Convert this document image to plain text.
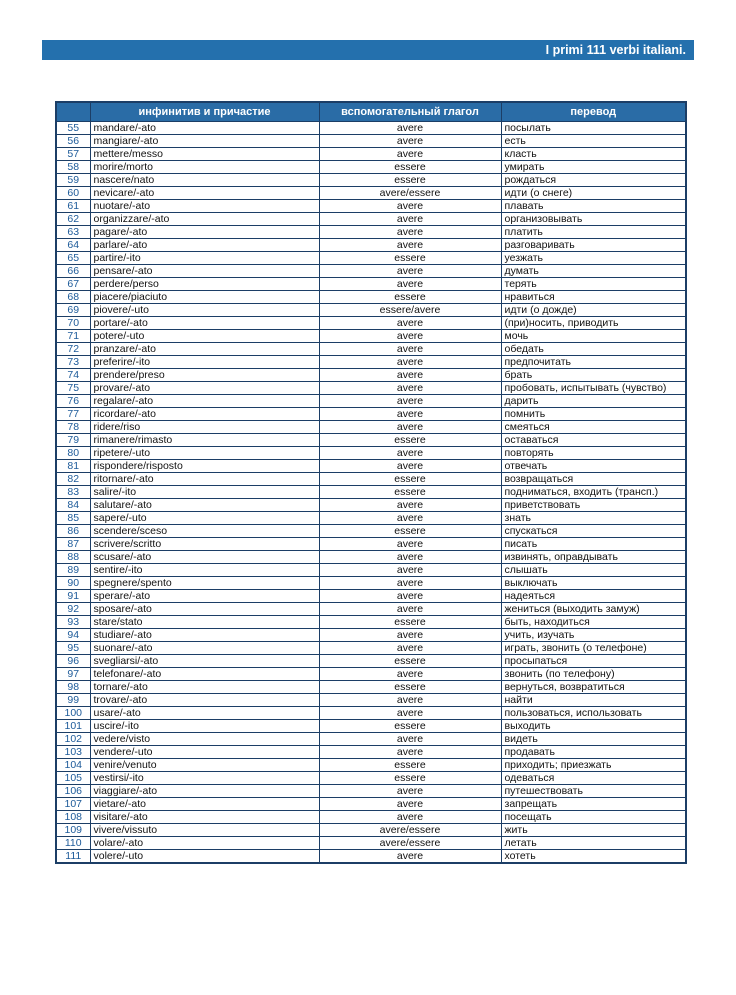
I primi 111 verbi italiani.
	инфинитив и причастие	вспомогательный глагол	перевод
55	mandare/-ato	avere	посылать
56	mangiare/-ato	avere	есть
57	mettere/messo	avere	класть
58	morire/morto	essere	умирать
59	nascere/nato	essere	рождаться
60	nevicare/-ato	avere/essere	идти (о снеге)
61	nuotare/-ato	avere	плавать
62	organizzare/-ato	avere	организовывать
63	pagare/-ato	avere	платить
64	parlare/-ato	avere	разговаривать
65	partire/-ito	essere	уезжать
66	pensare/-ato	avere	думать
67	perdere/perso	avere	терять
68	piacere/piaciuto	essere	нравиться
69	piovere/-uto	essere/avere	идти (о дожде)
70	portare/-ato	avere	(при)носить, приводить
71	potere/-uto	avere	мочь
72	pranzare/-ato	avere	обедать
73	preferire/-ito	avere	предпочитать
74	prendere/preso	avere	брать
75	provare/-ato	avere	пробовать, испытывать (чувство)
76	regalare/-ato	avere	дарить
77	ricordare/-ato	avere	помнить
78	ridere/riso	avere	смеяться
79	rimanere/rimasto	essere	оставаться
80	ripetere/-uto	avere	повторять
81	rispondere/risposto	avere	отвечать
82	ritornare/-ato	essere	возвращаться
83	salire/-ito	essere	подниматься, входить (трансп.)
84	salutare/-ato	avere	приветствовать
85	sapere/-uto	avere	знать
86	scendere/sceso	essere	спускаться
87	scrivere/scritto	avere	писать
88	scusare/-ato	avere	извинять, оправдывать
89	sentire/-ito	avere	слышать
90	spegnere/spento	avere	выключать
91	sperare/-ato	avere	надеяться
92	sposare/-ato	avere	жениться (выходить замуж)
93	stare/stato	essere	быть, находиться
94	studiare/-ato	avere	учить, изучать
95	suonare/-ato	avere	играть, звонить (о телефоне)
96	svegliarsi/-ato	essere	просыпаться
97	telefonare/-ato	avere	звонить (по телефону)
98	tornare/-ato	essere	вернуться, возвратиться
99	trovare/-ato	avere	найти
100	usare/-ato	avere	пользоваться, использовать
101	uscire/-ito	essere	выходить
102	vedere/visto	avere	видеть
103	vendere/-uto	avere	продавать
104	venire/venuto	essere	приходить; приезжать
105	vestirsi/-ito	essere	одеваться
106	viaggiare/-ato	avere	путешествовать
107	vietare/-ato	avere	запрещать
108	visitare/-ato	avere	посещать
109	vivere/vissuto	avere/essere	жить
110	volare/-ato	avere/essere	летать
111	volere/-uto	avere	хотеть
